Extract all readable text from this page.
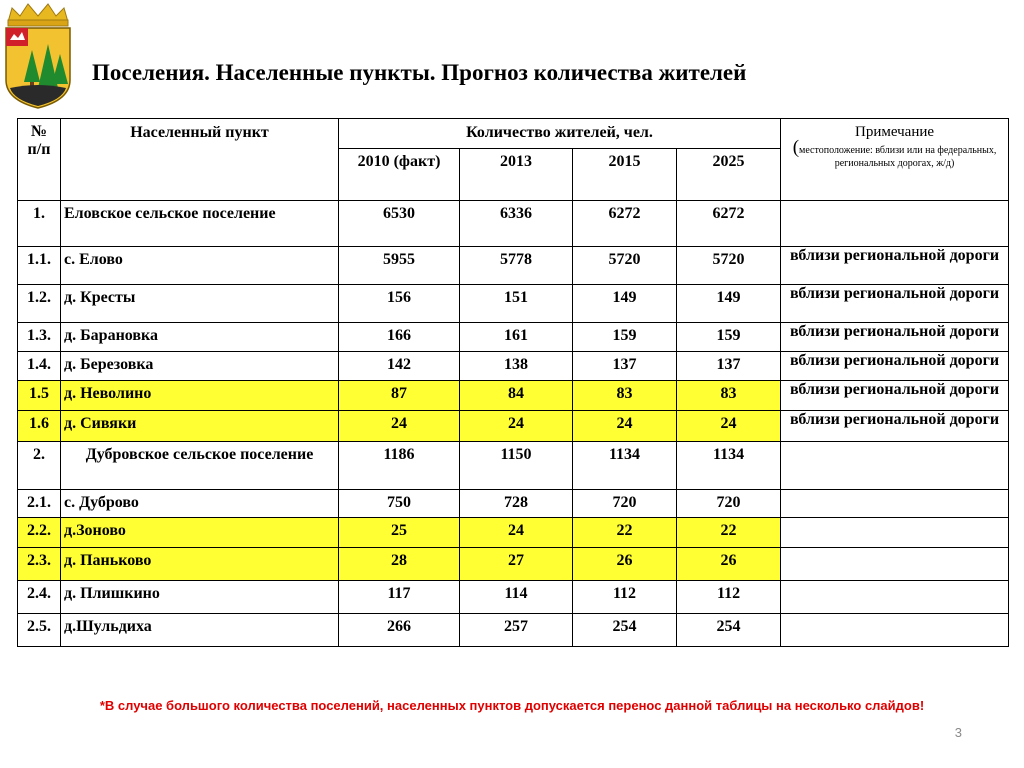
Поселения. Населенные пункты. Прогноз количества жителей
№
п/п	Населенный пункт	Количество жителей, чел.				Примечание
(местоположение: вблизи или на федеральных, региональных дорогах, ж/д)

		2010 (факт)	2013	2015	2025	
1.	Еловское сельское поселение	6530	6336	6272	6272	
1.1.	с. Елово	5955	5778	5720	5720	вблизи региональной дороги
1.2.	д. Кресты	156	151	149	149	вблизи региональной дороги
1.3.	д. Барановка	166	161	159	159	вблизи региональной дороги
1.4.	д. Березовка	142	138	137	137	вблизи региональной дороги
1.5	д. Неволино	87	84	83	83	вблизи региональной дороги
1.6	д. Сивяки	24	24	24	24	вблизи региональной дороги
2.	Дубровское сельское поселение	1186	1150	1134	1134	
2.1.	с. Дуброво	750	728	720	720	
2.2.	д.Зоново	25	24	22	22	
2.3.	д. Паньково	28	27	26	26	
2.4.	д. Плишкино	117	114	112	112	
2.5.	д.Шульдиха	266	257	254	254	
*В случае большого количества поселений, населенных пунктов допускается перенос данной таблицы на несколько слайдов!
3
